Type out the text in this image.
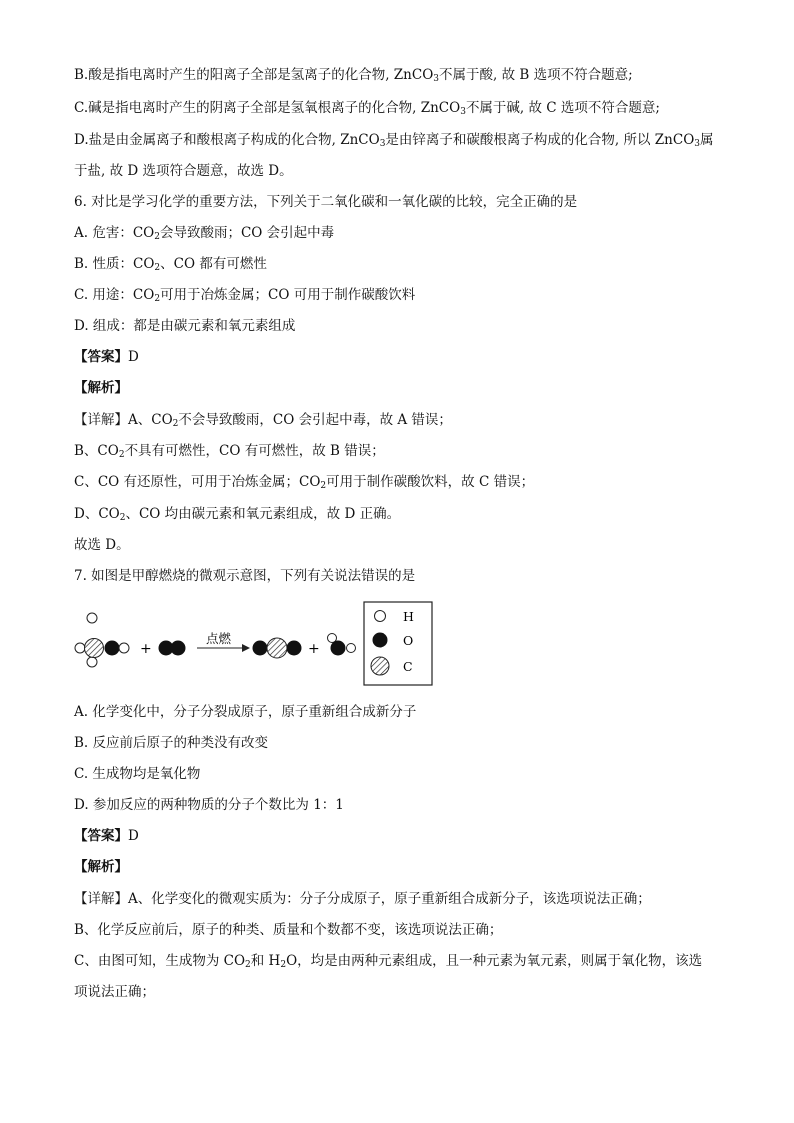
B.酸是指电离时产生的阳离子全部是氢离子的化合物, ZnCO$_3$不属于酸, 故 B 选项不符合题意;
C.碱是指电离时产生的阴离子全部是氢氧根离子的化合物, ZnCO$_3$不属于碱, 故 C 选项不符合题意;
D.盐是由金属离子和酸根离子构成的化合物, ZnCO$_3$是由锌离子和碳酸根离子构成的化合物, 所以 ZnCO$_3$属
于盐, 故 D 选项符合题意，故选 D。
6. 对比是学习化学的重要方法，下列关于二氧化碳和一氧化碳的比较，完全正确的是
A. 危害：$CO_2$会导致酸雨；CO 会引起中毒
B. 性质：$CO_2$、CO 都有可燃性
C. 用途：$CO_2$可用于冶炼金属；CO 可用于制作碳酸饮料
D. 组成：都是由碳元素和氧元素组成
【答案】D
【解析】
【详解】A、$CO_2$不会导致酸雨，CO 会引起中毒，故 A 错误；
B、$CO_2$不具有可燃性，CO 有可燃性，故 B 错误；
C、CO 有还原性，可用于冶炼金属；$CO_2$可用于制作碳酸饮料，故 C 错误；
D、$CO_2$、CO 均由碳元素和氧元素组成，故 D 正确。
故选 D。
7. 如图是甲醇燃烧的微观示意图，下列有关说法错误的是
+
点燃
+
H
O
C
A. 化学变化中，分子分裂成原子，原子重新组合成新分子
B. 反应前后原子的种类没有改变
C. 生成物均是氧化物
D. 参加反应的两种物质的分子个数比为 1：1
【答案】D
【解析】
【详解】A、化学变化的微观实质为：分子分成原子，原子重新组合成新分子，该选项说法正确；
B、化学反应前后，原子的种类、质量和个数都不变，该选项说法正确；
C、由图可知，生成物为 $CO_2$和 $H_2O$，均是由两种元素组成，且一种元素为氧元素，则属于氧化物，该选
项说法正确；
